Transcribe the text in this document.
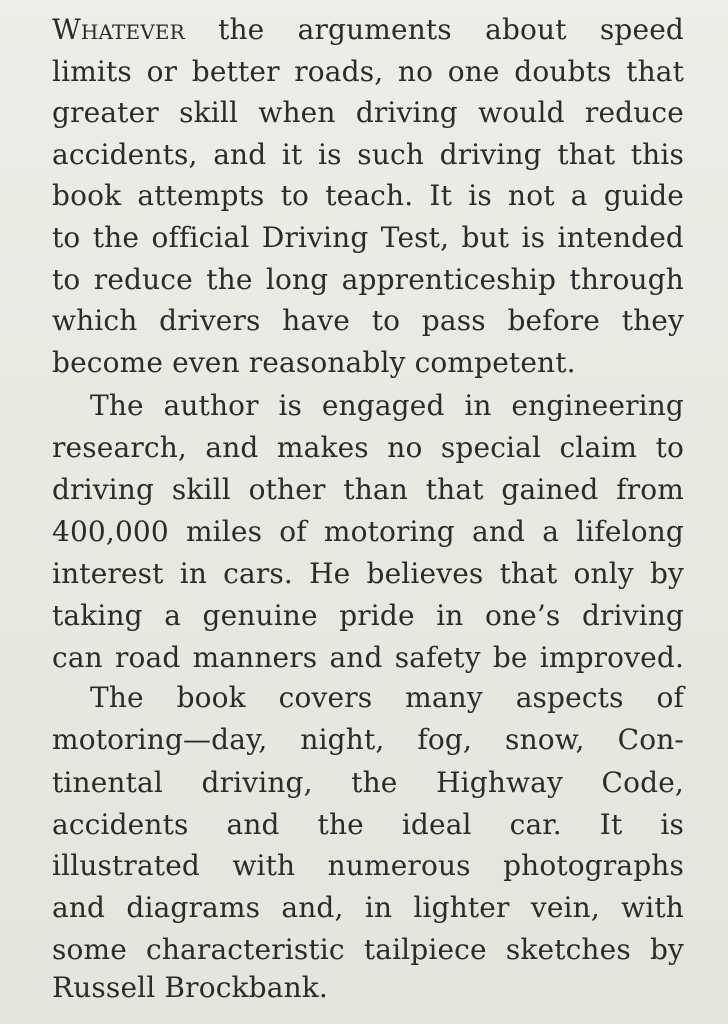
Whatever the arguments about speed
limits or better roads, no one doubts that
greater skill when driving would reduce
accidents, and it is such driving that this
book attempts to teach. It is not a guide
to the official Driving Test, but is intended
to reduce the long apprenticeship through
which drivers have to pass before they
become even reasonably competent.
The author is engaged in engineering
research, and makes no special claim to
driving skill other than that gained from
400,000 miles of motoring and a lifelong
interest in cars. He believes that only by
taking a genuine pride in one’s driving
can road manners and safety be improved.
The book covers many aspects of
motoring—day, night, fog, snow, Con-
tinental driving, the Highway Code,
accidents and the ideal car. It is
illustrated with numerous photographs
and diagrams and, in lighter vein, with
some characteristic tailpiece sketches by
Russell Brockbank.
